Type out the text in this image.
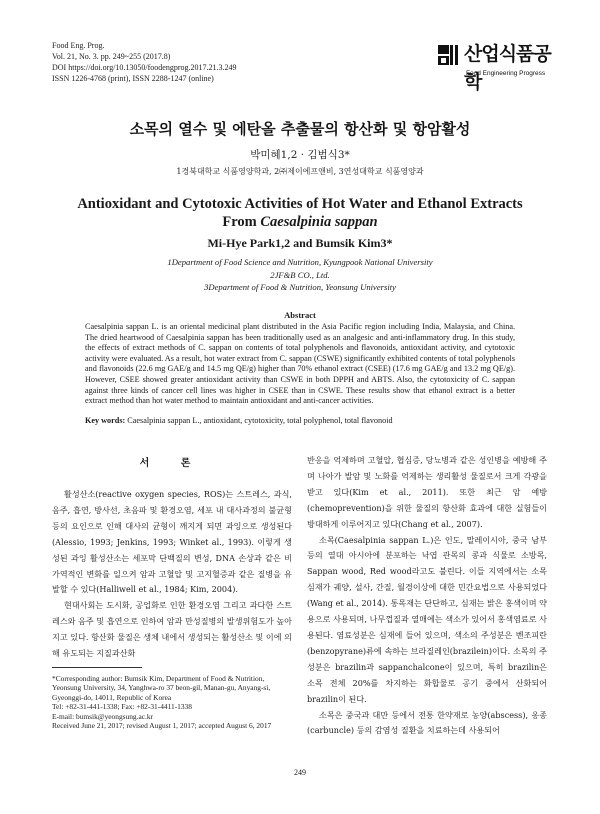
Food Eng. Prog.
Vol. 21, No. 3. pp. 249~255 (2017.8)
DOI https://doi.org/10.13050/foodengprog.2017.21.3.249
ISSN 1226-4768 (print), ISSN 2288-1247 (online)
산업식품공학
Food Engineering Progress
소목의 열수 및 에탄올 추출물의 항산화 및 항암활성
박미혜1,2 · 김범식3*
1경북대학교 식품영양학과, 2㈜제이에프앤비, 3연성대학교 식품영양과
Antioxidant and Cytotoxic Activities of Hot Water and Ethanol Extracts
From Caesalpinia sappan
Mi-Hye Park1,2 and Bumsik Kim3*
1Department of Food Science and Nutrition, Kyungpook National University
2JF&B CO., Ltd.
3Department of Food & Nutrition, Yeonsung University
Abstract
Caesalpinia sappan L. is an oriental medicinal plant distributed in the Asia Pacific region including India, Malaysia, and China. The dried heartwood of Caesalpinia sappan has been traditionally used as an analgesic and anti-inflammatory drug. In this study, the effects of extract methods of C. sappan on contents of total polyphenols and flavonoids, antioxidant activity, and cytotoxic activity were evaluated. As a result, hot water extract from C. sappan (CSWE) significantly exhibited contents of total polyphenols and flavonoids (22.6 mg GAE/g and 14.5 mg QE/g) higher than 70% ethanol extract (CSEE) (17.6 mg GAE/g and 13.2 mg QE/g). However, CSEE showed greater antioxidant activity than CSWE in both DPPH and ABTS. Also, the cytotoxicity of C. sappan against three kinds of cancer cell lines was higher in CSEE than in CSWE. These results show that ethanol extract is a better extract method than hot water method to maintain antioxidant and anti-cancer activities.
Key words: Caesalpinia sappan L., antioxidant, cytotoxicity, total polyphenol, total flavonoid

서 론

활성산소(reactive oxygen species, ROS)는 스트레스, 과식, 음주, 흡연, 방사선, 초음파 및 환경오염, 세포 내 대사과정의 불균형 등의 요인으로 인해 대사의 균형이 깨지게 되면 과잉으로 생성된다(Alessio, 1993; Jenkins, 1993; Winket al., 1993). 이렇게 생성된 과잉 활성산소는 세포막 단백질의 변성, DNA 손상과 같은 비가역적인 변화를 일으켜 암과 고혈압 및 고지혈증과 같은 질병을 유발할 수 있다(Halliwell et al., 1984; Kim, 2004).

현대사회는 도시화, 공업화로 인한 환경오염 그리고 과다한 스트레스와 음주 및 흡연으로 인하여 암과 만성질병의 발생위험도가 높아지고 있다. 항산화 물질은 생체 내에서 생성되는 활성산소 및 이에 의해 유도되는 지질과산화

반응을 억제하며 고혈압, 협심증, 당뇨병과 같은 성인병을 예방해 주며 나아가 발암 및 노화를 억제하는 생리활성 물질로서 크게 각광을 받고 있다(Kim et al., 2011). 또한 최근 암 예방(chemoprevention)을 위한 물질의 항산화 효과에 대한 실험들이 방대하게 이루어지고 있다(Chang et al., 2007).

소목(Caesalpinia sappan L.)은 인도, 말레이시아, 중국 남부 등의 열대 아시아에 분포하는 낙엽 관목의 콩과 식물로 소방목, Sappan wood, Red wood라고도 불린다. 이들 지역에서는 소목 심재가 궤양, 설사, 간질, 월경이상에 대한 민간요법으로 사용되었다(Wang et al., 2014). 통목재는 단단하고, 심재는 밝은 홍색이며 약용으로 사용되며, 나무껍질과 열매에는 색소가 있어서 홍색염료로 사용된다. 염료성분은 심재에 들어 있으며, 색소의 주성분은 벤조피란(benzopyrane)류에 속하는 브라질레인(brazilein)이다. 소목의 주 성분은 brazilin과 sappanchalcone이 있으며, 특히 brazilin은 소목 전체 20%를 차지하는 화합물로 공기 중에서 산화되어 brazilin이 된다.

소목은 중국과 대만 등에서 전통 한약재로 농양(abscess), 옹종(carbuncle) 등의 감염성 질환을 치료하는데 사용되어

*Corresponding author: Bumsik Kim, Department of Food & Nutrition, Yeonsung University, 34, Yanghwa-ro 37 beon-gil, Manan-gu, Anyang-si, Gyeonggi-do, 14011, Republic of Korea
Tel: +82-31-441-1338; Fax: +82-31-4411-1338
E-mail: bumsik@yeongsung.ac.kr
Received June 21, 2017; revised August 1, 2017; accepted August 6, 2017
249
